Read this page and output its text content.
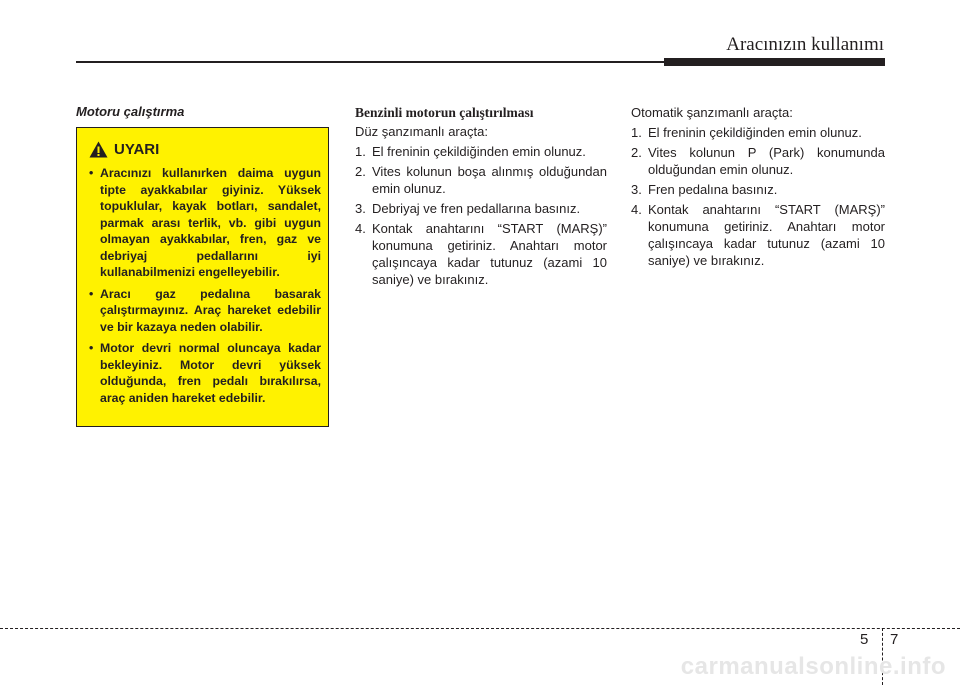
Aracınızın kullanımı
Motoru çalıştırma
UYARI
• Aracınızı kullanırken daima uygun tipte ayakkabılar giyiniz. Yüksek topuklular, kayak botları, sandalet, parmak arası terlik, vb. gibi uygun olmayan ayakkabılar, fren, gaz ve debriyaj pedallarını iyi kullanabilmenizi engelleyebilir.
• Aracı gaz pedalına basarak çalıştırmayınız. Araç hareket edebilir ve bir kazaya neden olabilir.
• Motor devri normal oluncaya kadar bekleyiniz. Motor devri yüksek olduğunda, fren pedalı bırakılırsa, araç aniden hareket edebilir.
Benzinli motorun çalıştırılması
Düz şanzımanlı araçta:
1. El freninin çekildiğinden emin olunuz.
2. Vites kolunun boşa alınmış olduğundan emin olunuz.
3. Debriyaj ve fren pedallarına basınız.
4. Kontak anahtarını “START (MARŞ)” konumuna getiriniz. Anahtarı motor çalışıncaya kadar tutunuz (azami 10 saniye) ve bırakınız.
Otomatik şanzımanlı araçta:
1. El freninin çekildiğinden emin olunuz.
2. Vites kolunun P (Park) konumunda olduğundan emin olunuz.
3. Fren pedalına basınız.
4. Kontak anahtarını “START (MARŞ)” konumuna getiriniz. Anahtarı motor çalışıncaya kadar tutunuz (azami 10 saniye) ve bırakınız.
5 7
carmanualsonline.info
